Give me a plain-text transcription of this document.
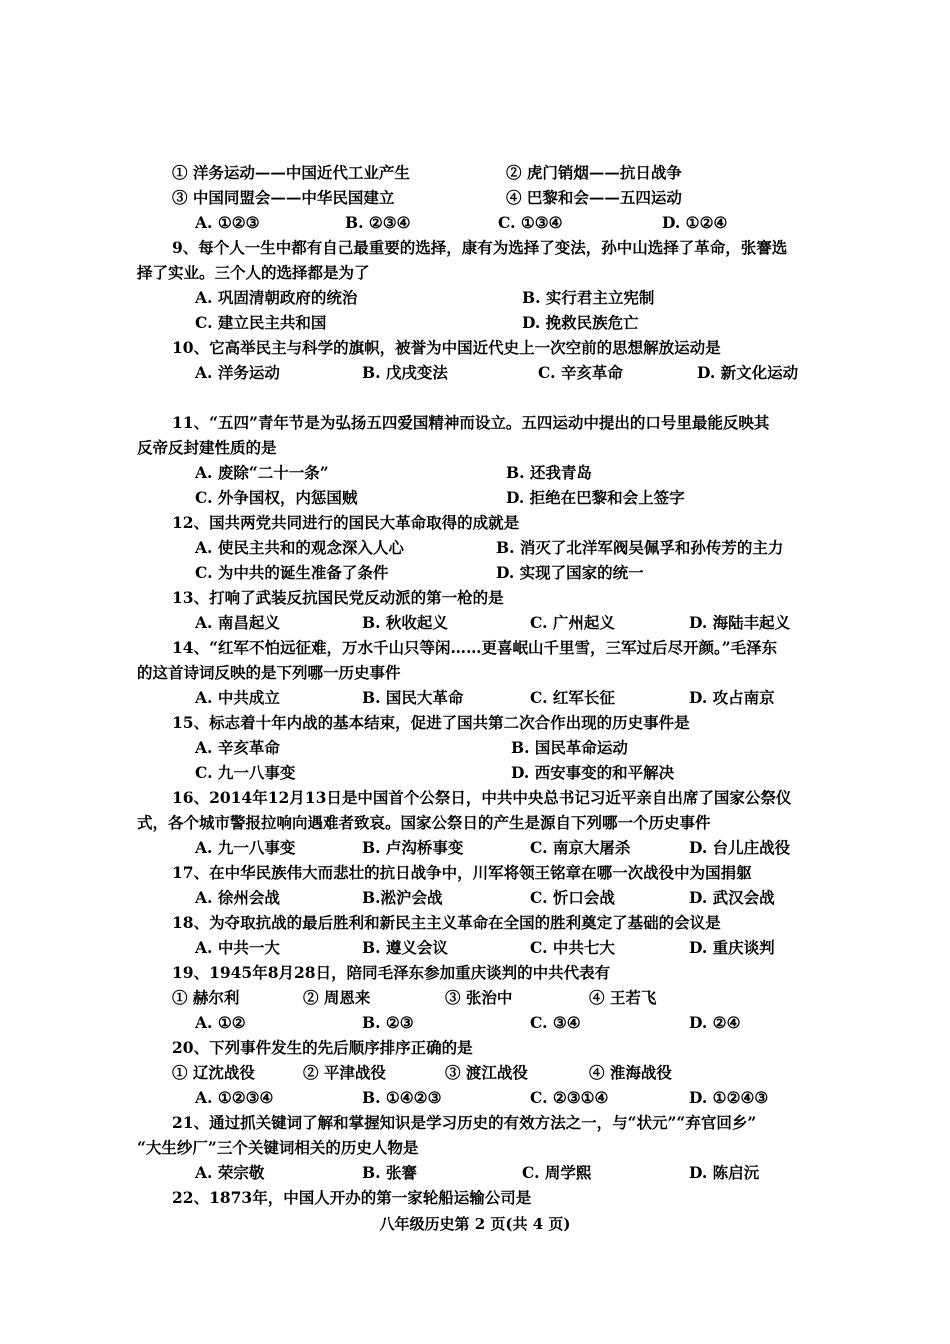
① 洋务运动——中国近代工业产生	② 虎门销烟——抗日战争
③ 中国同盟会——中华民国建立	④ 巴黎和会——五四运动
A. ①②③	B. ②③④	C. ①③④	D. ①②④
9、每个人一生中都有自己最重要的选择，康有为选择了变法，孙中山选择了革命，张謇选
择了实业。三个人的选择都是为了
A. 巩固清朝政府的统治	B. 实行君主立宪制
C. 建立民主共和国	D. 挽救民族危亡
10、它高举民主与科学的旗帜，被誉为中国近代史上一次空前的思想解放运动是
A. 洋务运动	B. 戊戌变法	C. 辛亥革命	D. 新文化运动
11、“五四”青年节是为弘扬五四爱国精神而设立。五四运动中提出的口号里最能反映其
反帝反封建性质的是
A. 废除“二十一条”	B. 还我青岛
C. 外争国权，内惩国贼	D. 拒绝在巴黎和会上签字
12、国共两党共同进行的国民大革命取得的成就是
A. 使民主共和的观念深入人心	B. 消灭了北洋军阀吴佩孚和孙传芳的主力
C. 为中共的诞生准备了条件	D. 实现了国家的统一
13、打响了武装反抗国民党反动派的第一枪的是
A. 南昌起义	B. 秋收起义	C. 广州起义	D. 海陆丰起义
14、“红军不怕远征难，万水千山只等闲……更喜岷山千里雪，三军过后尽开颜。”毛泽东
的这首诗词反映的是下列哪一历史事件
A. 中共成立	B. 国民大革命	C. 红军长征	D. 攻占南京
15、标志着十年内战的基本结束，促进了国共第二次合作出现的历史事件是
A. 辛亥革命	B. 国民革命运动
C. 九一八事变	D. 西安事变的和平解决
16、2014年12月13日是中国首个公祭日，中共中央总书记习近平亲自出席了国家公祭仪
式，各个城市警报拉响向遇难者致哀。国家公祭日的产生是源自下列哪一个历史事件
A. 九一八事变	B. 卢沟桥事变	C. 南京大屠杀	D. 台儿庄战役
17、在中华民族伟大而悲壮的抗日战争中，川军将领王铭章在哪一次战役中为国捐躯
A. 徐州会战	B.淞沪会战	C. 忻口会战	D. 武汉会战
18、为夺取抗战的最后胜利和新民主主义革命在全国的胜利奠定了基础的会议是
A. 中共一大	B. 遵义会议	C. 中共七大	D. 重庆谈判
19、1945年8月28日，陪同毛泽东参加重庆谈判的中共代表有
① 赫尔利	② 周恩来	③ 张治中	④ 王若飞
A. ①②	B. ②③	C. ③④	D. ②④
20、下列事件发生的先后顺序排序正确的是
① 辽沈战役	② 平津战役	③ 渡江战役	④ 淮海战役
A. ①②③④	B. ①④②③	C. ②③①④	D. ①②④③
21、通过抓关键词了解和掌握知识是学习历史的有效方法之一，与“状元”“弃官回乡”
“大生纱厂”三个关键词相关的历史人物是
A. 荣宗敬	B. 张謇	C. 周学熙	D. 陈启沅
22、1873年，中国人开办的第一家轮船运输公司是
八年级历史第 2 页(共 4 页)
